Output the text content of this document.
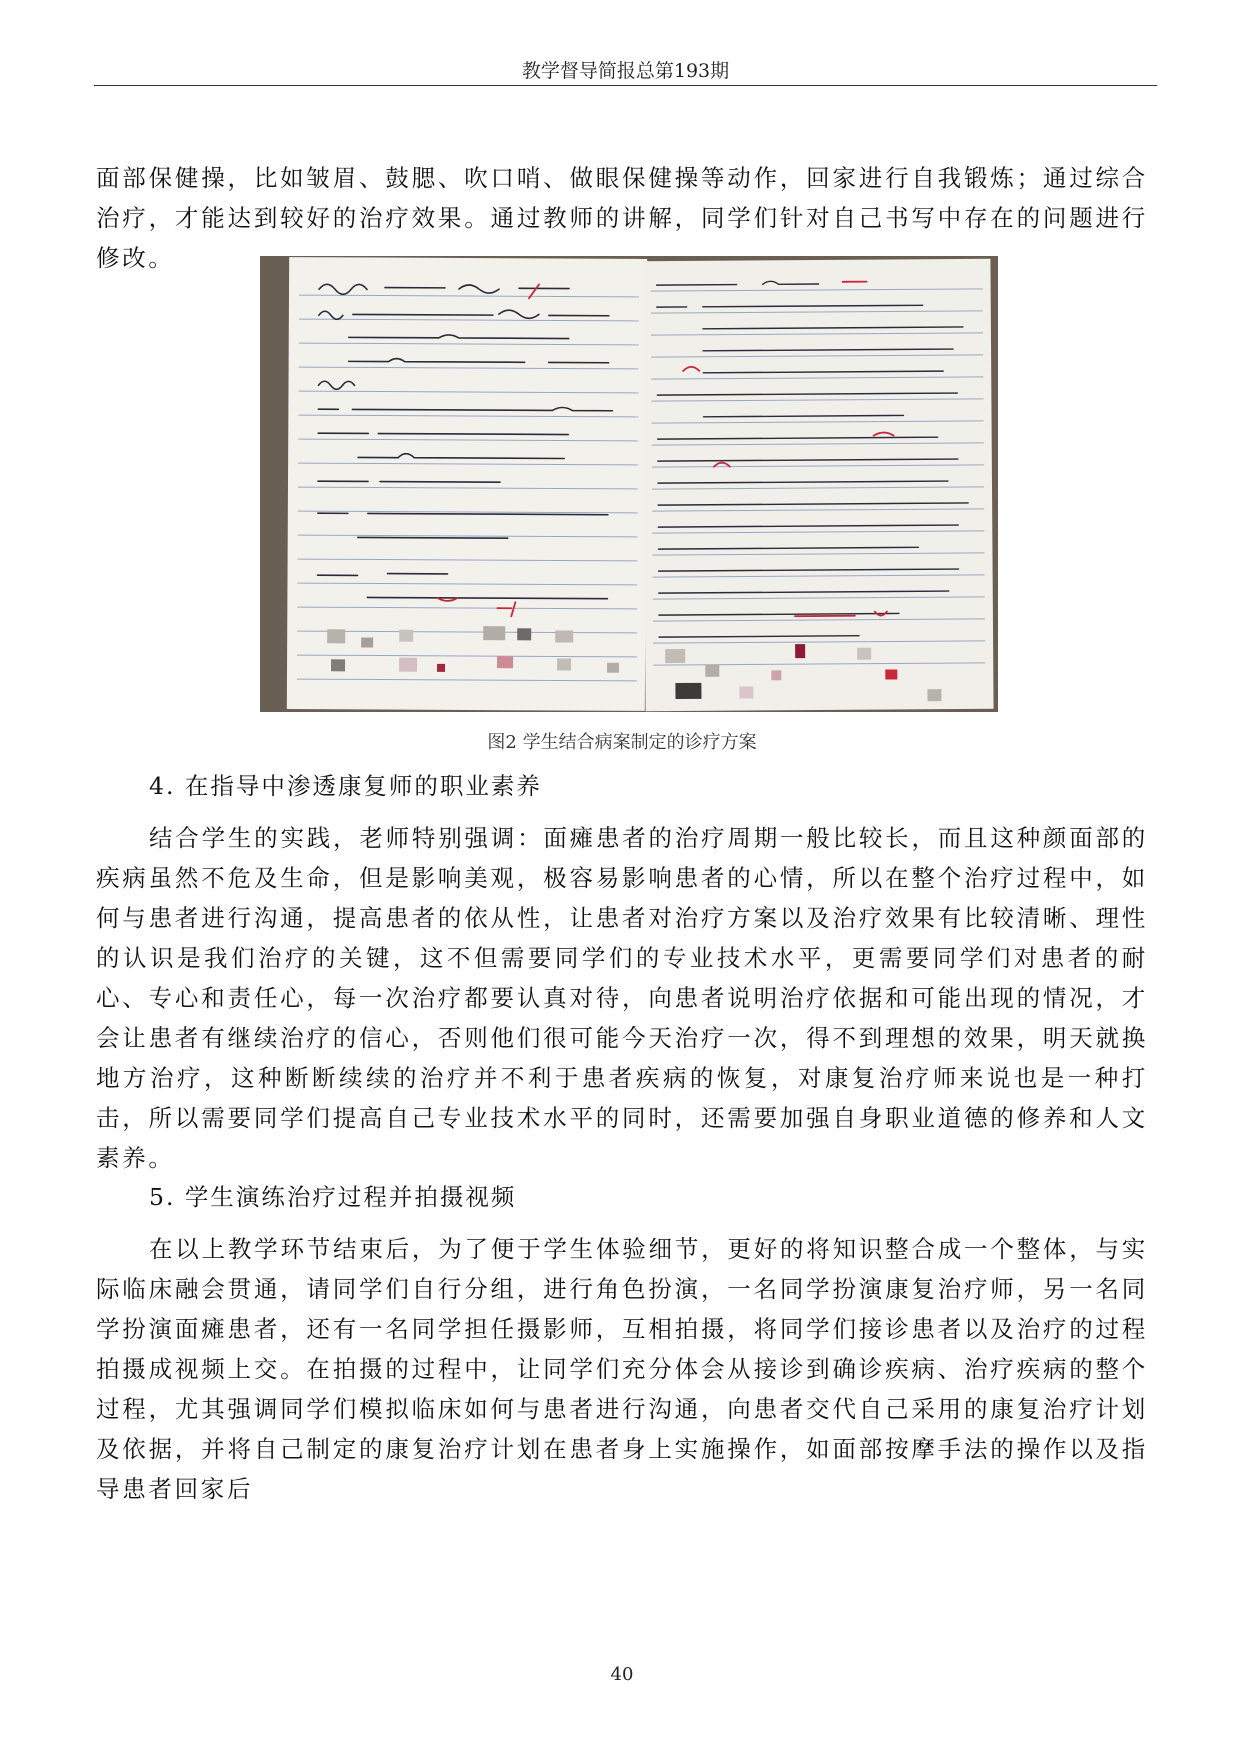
教学督导简报总第193期

面部保健操，比如皱眉、鼓腮、吹口哨、做眼保健操等动作，回家进行自我锻炼；通过综合治疗，才能达到较好的治疗效果。通过教师的讲解，同学们针对自己书写中存在的问题进行修改。

图2 学生结合病案制定的诊疗方案
4. 在指导中渗透康复师的职业素养

结合学生的实践，老师特别强调：面瘫患者的治疗周期一般比较长，而且这种颜面部的疾病虽然不危及生命，但是影响美观，极容易影响患者的心情，所以在整个治疗过程中，如何与患者进行沟通，提高患者的依从性，让患者对治疗方案以及治疗效果有比较清晰、理性的认识是我们治疗的关键，这不但需要同学们的专业技术水平，更需要同学们对患者的耐心、专心和责任心，每一次治疗都要认真对待，向患者说明治疗依据和可能出现的情况，才会让患者有继续治疗的信心，否则他们很可能今天治疗一次，得不到理想的效果，明天就换地方治疗，这种断断续续的治疗并不利于患者疾病的恢复，对康复治疗师来说也是一种打击，所以需要同学们提高自己专业技术水平的同时，还需要加强自身职业道德的修养和人文素养。

5. 学生演练治疗过程并拍摄视频

在以上教学环节结束后，为了便于学生体验细节，更好的将知识整合成一个整体，与实际临床融会贯通，请同学们自行分组，进行角色扮演，一名同学扮演康复治疗师，另一名同学扮演面瘫患者，还有一名同学担任摄影师，互相拍摄，将同学们接诊患者以及治疗的过程拍摄成视频上交。在拍摄的过程中，让同学们充分体会从接诊到确诊疾病、治疗疾病的整个过程，尤其强调同学们模拟临床如何与患者进行沟通，向患者交代自己采用的康复治疗计划及依据，并将自己制定的康复治疗计划在患者身上实施操作，如面部按摩手法的操作以及指导患者回家后

40
